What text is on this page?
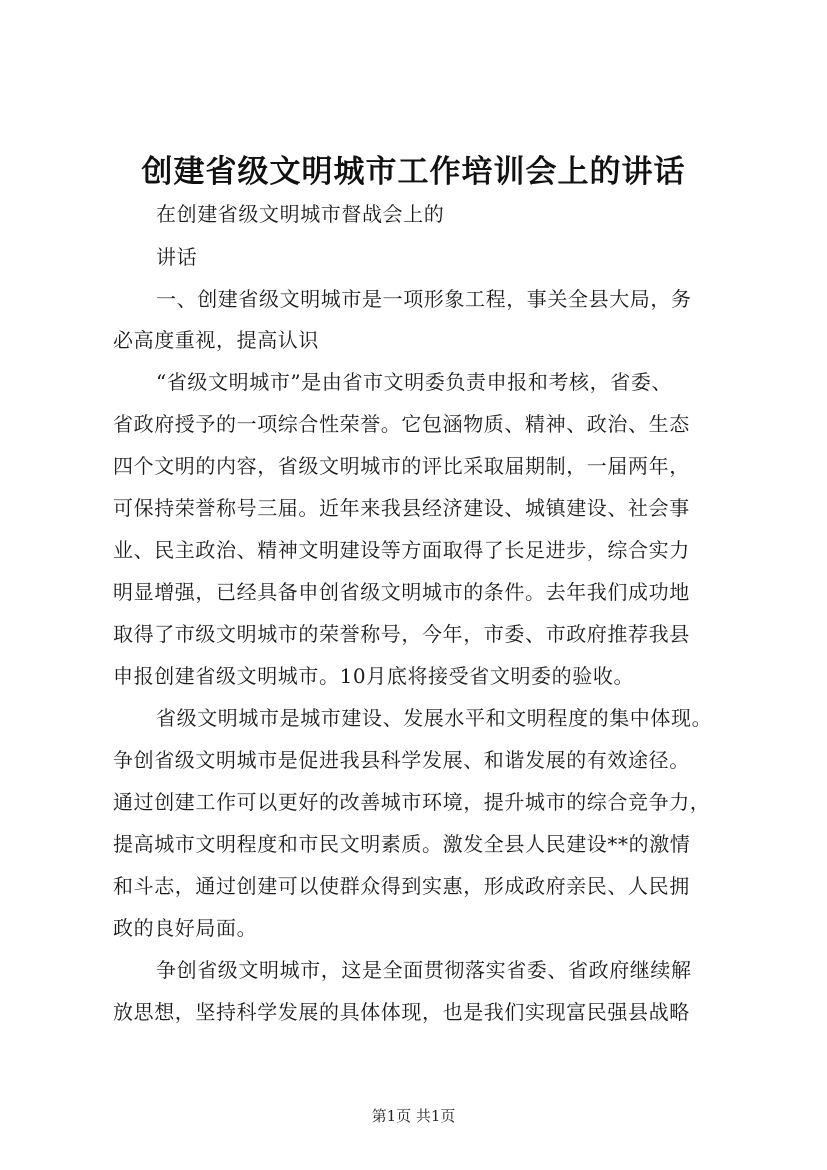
创建省级文明城市工作培训会上的讲话
在创建省级文明城市督战会上的
讲话
一、创建省级文明城市是一项形象工程，事关全县大局，务
必高度重视，提高认识
“省级文明城市”是由省市文明委负责申报和考核，省委、
省政府授予的一项综合性荣誉。它包涵物质、精神、政治、生态
四个文明的内容，省级文明城市的评比采取届期制，一届两年，
可保持荣誉称号三届。近年来我县经济建设、城镇建设、社会事
业、民主政治、精神文明建设等方面取得了长足进步，综合实力
明显增强，已经具备申创省级文明城市的条件。去年我们成功地
取得了市级文明城市的荣誉称号，今年，市委、市政府推荐我县
申报创建省级文明城市。10月底将接受省文明委的验收。
省级文明城市是城市建设、发展水平和文明程度的集中体现。
争创省级文明城市是促进我县科学发展、和谐发展的有效途径。
通过创建工作可以更好的改善城市环境，提升城市的综合竞争力，
提高城市文明程度和市民文明素质。激发全县人民建设**的激情
和斗志，通过创建可以使群众得到实惠，形成政府亲民、人民拥
政的良好局面。
争创省级文明城市，这是全面贯彻落实省委、省政府继续解
放思想，坚持科学发展的具体体现，也是我们实现富民强县战略
第1页 共1页
